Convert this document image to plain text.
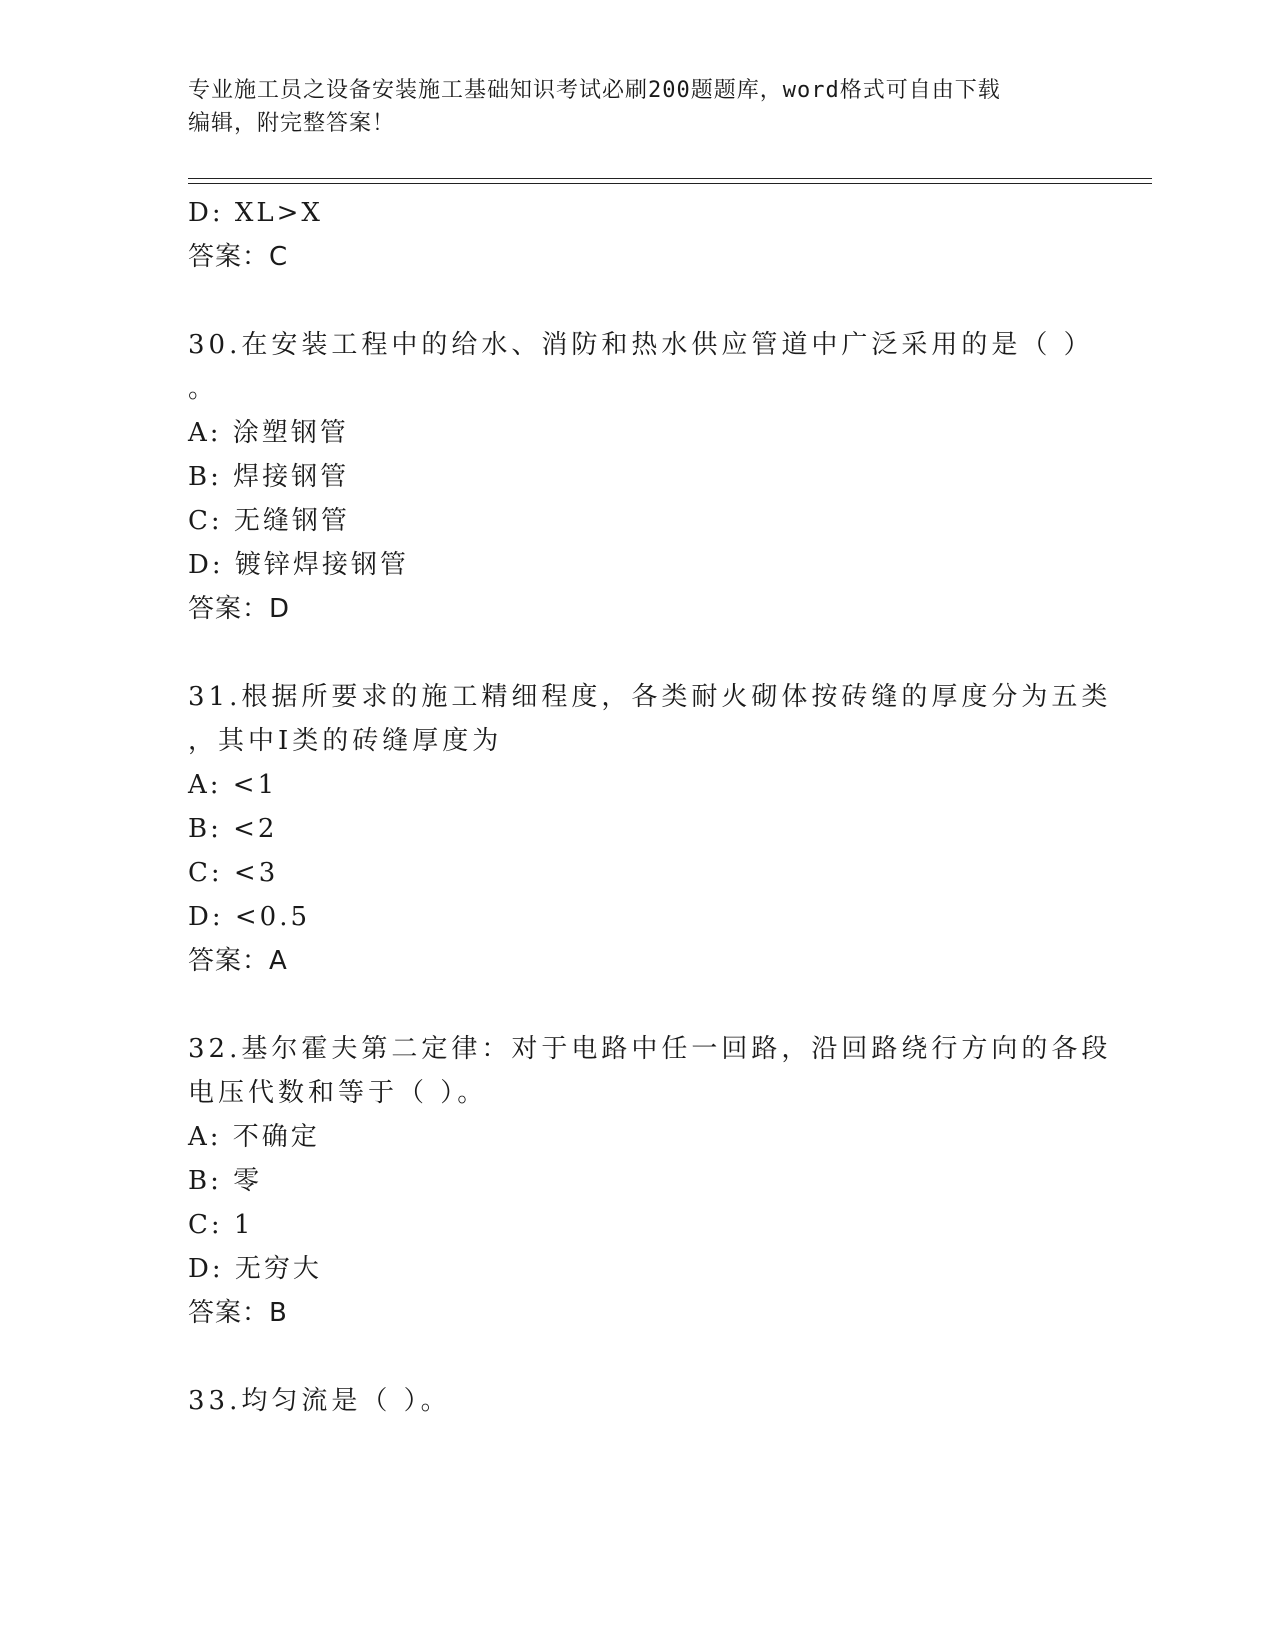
专业施工员之设备安装施工基础知识考试必刷200题题库，word格式可自由下载
编辑，附完整答案！
D: XL>X
答案：C
30.在安装工程中的给水、消防和热水供应管道中广泛采用的是（ ）
。
A: 涂塑钢管
B: 焊接钢管
C: 无缝钢管
D: 镀锌焊接钢管
答案：D
31.根据所要求的施工精细程度，各类耐火砌体按砖缝的厚度分为五类
，其中Ⅰ类的砖缝厚度为
A: <1
B: <2
C: <3
D: <0.5
答案：A
32.基尔霍夫第二定律：对于电路中任一回路，沿回路绕行方向的各段
电压代数和等于（ ）。
A: 不确定
B: 零
C: 1
D: 无穷大
答案：B
33.均匀流是（ ）。
